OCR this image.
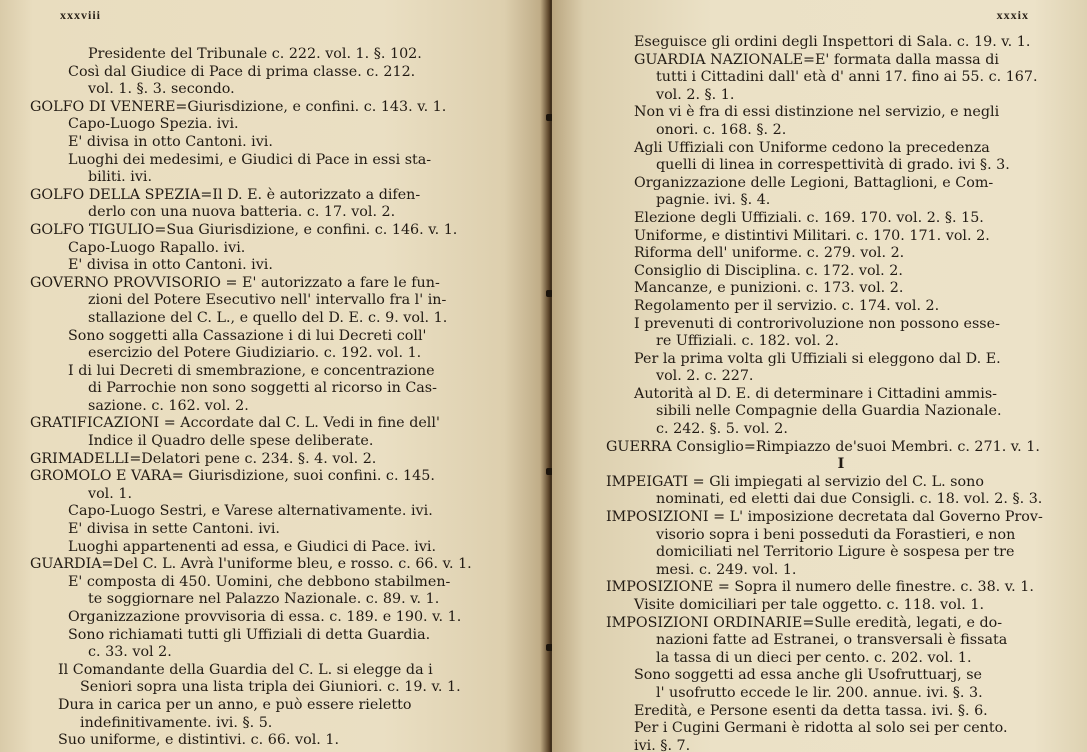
xxxviii
Presidente del Tribunale c. 222. vol. 1. §. 102.
Così dal Giudice di Pace di prima classe. c. 212.
vol. 1. §. 3. secondo.
GOLFO DI VENERE=Giurisdizione, e confini. c. 143. v. 1.
Capo-Luogo Spezia. ivi.
E' divisa in otto Cantoni. ivi.
Luoghi dei medesimi, e Giudici di Pace in essi sta-
biliti. ivi.
GOLFO DELLA SPEZIA=Il D. E. è autorizzato a difen-
derlo con una nuova batteria. c. 17. vol. 2.
GOLFO TIGULIO=Sua Giurisdizione, e confini. c. 146. v. 1.
Capo-Luogo Rapallo. ivi.
E' divisa in otto Cantoni. ivi.
GOVERNO PROVVISORIO = E' autorizzato a fare le fun-
zioni del Potere Esecutivo nell' intervallo fra l' in-
stallazione del C. L., e quello del D. E. c. 9. vol. 1.
Sono soggetti alla Cassazione i di lui Decreti coll'
esercizio del Potere Giudiziario. c. 192. vol. 1.
I di lui Decreti di smembrazione, e concentrazione
di Parrochie non sono soggetti al ricorso in Cas-
sazione. c. 162. vol. 2.
GRATIFICAZIONI = Accordate dal C. L. Vedi in fine dell'
Indice il Quadro delle spese deliberate.
GRIMADELLI=Delatori pene c. 234. §. 4. vol. 2.
GROMOLO E VARA= Giurisdizione, suoi confini. c. 145.
vol. 1.
Capo-Luogo Sestri, e Varese alternativamente. ivi.
E' divisa in sette Cantoni. ivi.
Luoghi appartenenti ad essa, e Giudici di Pace. ivi.
GUARDIA=Del C. L. Avrà l'uniforme bleu, e rosso. c. 66. v. 1.
E' composta di 450. Uomini, che debbono stabilmen-
te soggiornare nel Palazzo Nazionale. c. 89. v. 1.
Organizzazione provvisoria di essa. c. 189. e 190. v. 1.
Sono richiamati tutti gli Uffiziali di detta Guardia.
c. 33. vol 2.
Il Comandante della Guardia del C. L. si elegge da i
Seniori sopra una lista tripla dei Giuniori. c. 19. v. 1.
Dura in carica per un anno, e può essere rieletto
indefinitivamente. ivi. §. 5.
Suo uniforme, e distintivi. c. 66. vol. 1.
xxxix
Eseguisce gli ordini degli Inspettori di Sala. c. 19. v. 1.
GUARDIA NAZIONALE=E' formata dalla massa di
tutti i Cittadini dall' età d' anni 17. fino ai 55. c. 167.
vol. 2. §. 1.
Non vi è fra di essi distinzione nel servizio, e negli
onori. c. 168. §. 2.
Agli Uffiziali con Uniforme cedono la precedenza
quelli di linea in correspettività di grado. ivi §. 3.
Organizzazione delle Legioni, Battaglioni, e Com-
pagnie. ivi. §. 4.
Elezione degli Uffiziali. c. 169. 170. vol. 2. §. 15.
Uniforme, e distintivi Militari. c. 170. 171. vol. 2.
Riforma dell' uniforme. c. 279. vol. 2.
Consiglio di Disciplina. c. 172. vol. 2.
Mancanze, e punizioni. c. 173. vol. 2.
Regolamento per il servizio. c. 174. vol. 2.
I prevenuti di controrivoluzione non possono esse-
re Uffiziali. c. 182. vol. 2.
Per la prima volta gli Uffiziali si eleggono dal D. E.
vol. 2. c. 227.
Autorità al D. E. di determinare i Cittadini ammis-
sibili nelle Compagnie della Guardia Nazionale.
c. 242. §. 5. vol. 2.
GUERRA Consiglio=Rimpiazzo de'suoi Membri. c. 271. v. 1.
I
IMPEIGATI = Gli impiegati al servizio del C. L. sono
nominati, ed eletti dai due Consigli. c. 18. vol. 2. §. 3.
IMPOSIZIONI = L' imposizione decretata dal Governo Prov-
visorio sopra i beni posseduti da Forastieri, e non
domiciliati nel Territorio Ligure è sospesa per tre
mesi. c. 249. vol. 1.
IMPOSIZIONE = Sopra il numero delle finestre. c. 38. v. 1.
Visite domiciliari per tale oggetto. c. 118. vol. 1.
IMPOSIZIONI ORDINARIE=Sulle eredità, legati, e do-
nazioni fatte ad Estranei, o transversali è fissata
la tassa di un dieci per cento. c. 202. vol. 1.
Sono soggetti ad essa anche gli Usofruttuarj, se
l' usofrutto eccede le lir. 200. annue. ivi. §. 3.
Eredità, e Persone esenti da detta tassa. ivi. §. 6.
Per i Cugini Germani è ridotta al solo sei per cento.
ivi. §. 7.
